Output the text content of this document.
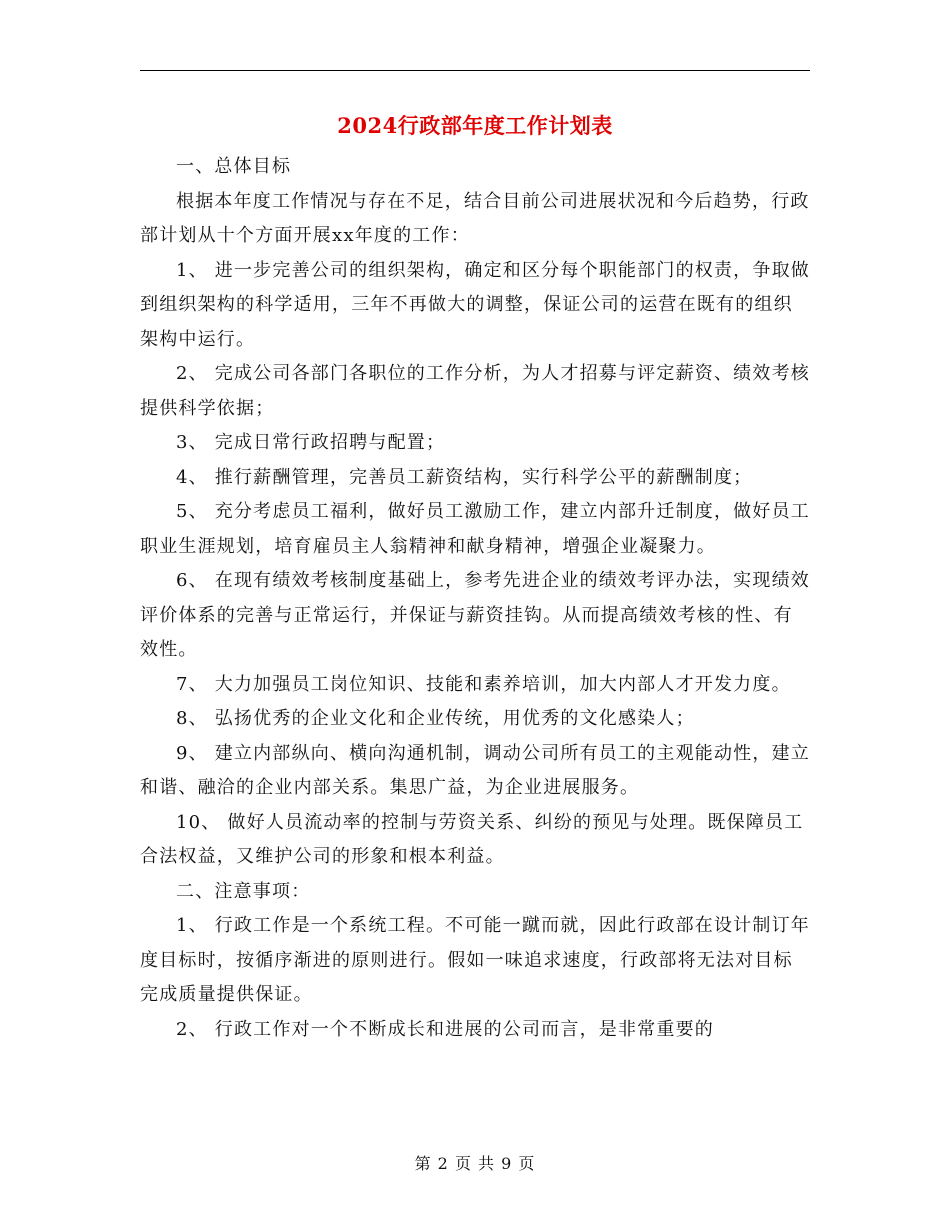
2024行政部年度工作计划表

一、总体目标

根据本年度工作情况与存在不足，结合目前公司进展状况和今后趋势，行政部计划从十个方面开展xx年度的工作：

1、 进一步完善公司的组织架构，确定和区分每个职能部门的权责，争取做到组织架构的科学适用，三年不再做大的调整，保证公司的运营在既有的组织架构中运行。

2、 完成公司各部门各职位的工作分析，为人才招募与评定薪资、绩效考核提供科学依据；

3、 完成日常行政招聘与配置；

4、 推行薪酬管理，完善员工薪资结构，实行科学公平的薪酬制度；

5、 充分考虑员工福利，做好员工激励工作，建立内部升迁制度，做好员工职业生涯规划，培育雇员主人翁精神和献身精神，增强企业凝聚力。

6、 在现有绩效考核制度基础上，参考先进企业的绩效考评办法，实现绩效评价体系的完善与正常运行，并保证与薪资挂钩。从而提高绩效考核的性、有效性。

7、 大力加强员工岗位知识、技能和素养培训，加大内部人才开发力度。

8、 弘扬优秀的企业文化和企业传统，用优秀的文化感染人；

9、 建立内部纵向、横向沟通机制，调动公司所有员工的主观能动性，建立和谐、融洽的企业内部关系。集思广益，为企业进展服务。

10、 做好人员流动率的控制与劳资关系、纠纷的预见与处理。既保障员工合法权益，又维护公司的形象和根本利益。

二、注意事项：

1、 行政工作是一个系统工程。不可能一蹴而就，因此行政部在设计制订年度目标时，按循序渐进的原则进行。假如一味追求速度，行政部将无法对目标完成质量提供保证。

2、 行政工作对一个不断成长和进展的公司而言，是非常重要的

第 2 页 共 9 页
